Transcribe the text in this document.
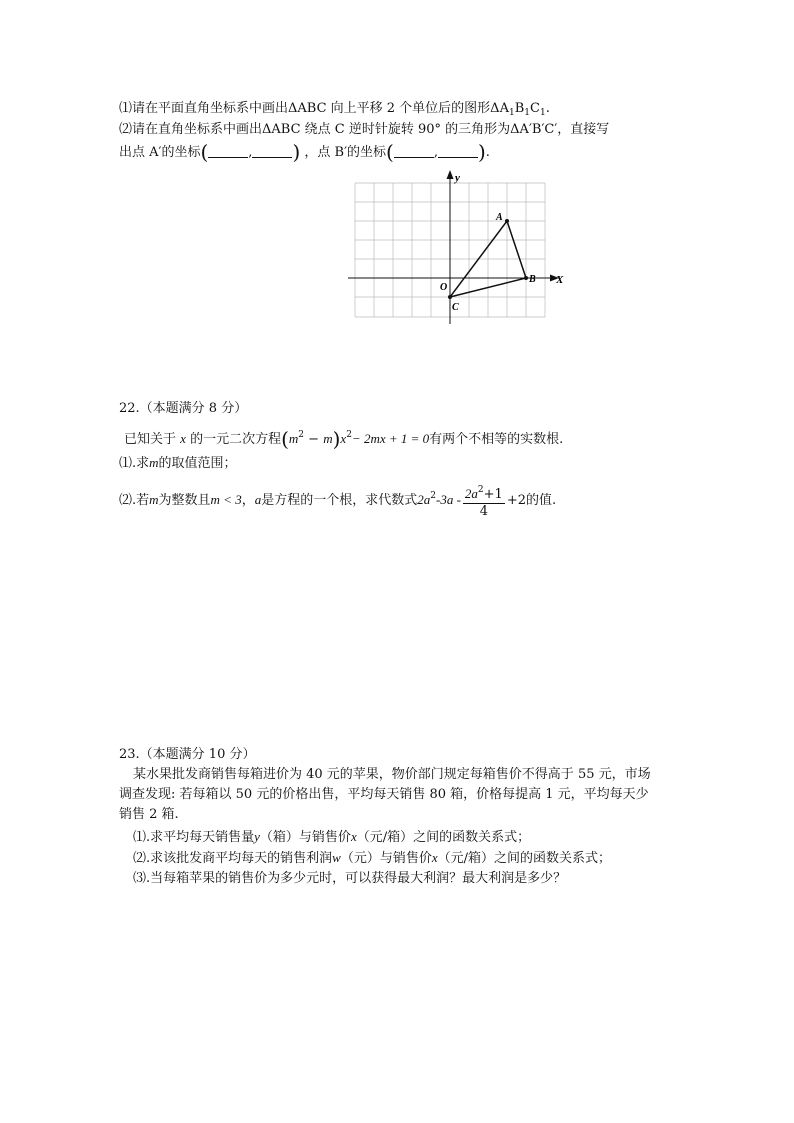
⑴请在平面直角坐标系中画出ΔABC 向上平移 2 个单位后的图形$\Delta A_1B_1C_1$.
⑵请在直角坐标系中画出ΔABC 绕点 C 逆时针旋转 90° 的三角形为ΔA′B′C′，直接写
出点 A′的坐标(	, ) ，点 B′的坐标(	, ).
X
y
O
A
B
C
22.（本题满分 8 分）
已知关于 x 的一元二次方程$(m^2 - m)x^2- 2mx + 1 = 0$有两个不相等的实数根.
⑴.求m的取值范围；
⑵.若m为整数且m < 3，a是方程的一个根，求代数式$2a^2-3a - \frac{2a^2+1}{4} +2$的值.
23.（本题满分 10 分）
某水果批发商销售每箱进价为 40 元的苹果，物价部门规定每箱售价不得高于 55 元，市场
调查发现: 若每箱以 50 元的价格出售，平均每天销售 80 箱，价格每提高 1 元，平均每天少
销售 2 箱.
⑴.求平均每天销售量y（箱）与销售价x（元/箱）之间的函数关系式；
⑵.求该批发商平均每天的销售利润w（元）与销售价x（元/箱）之间的函数关系式；
⑶.当每箱苹果的销售价为多少元时，可以获得最大利润？最大利润是多少？
